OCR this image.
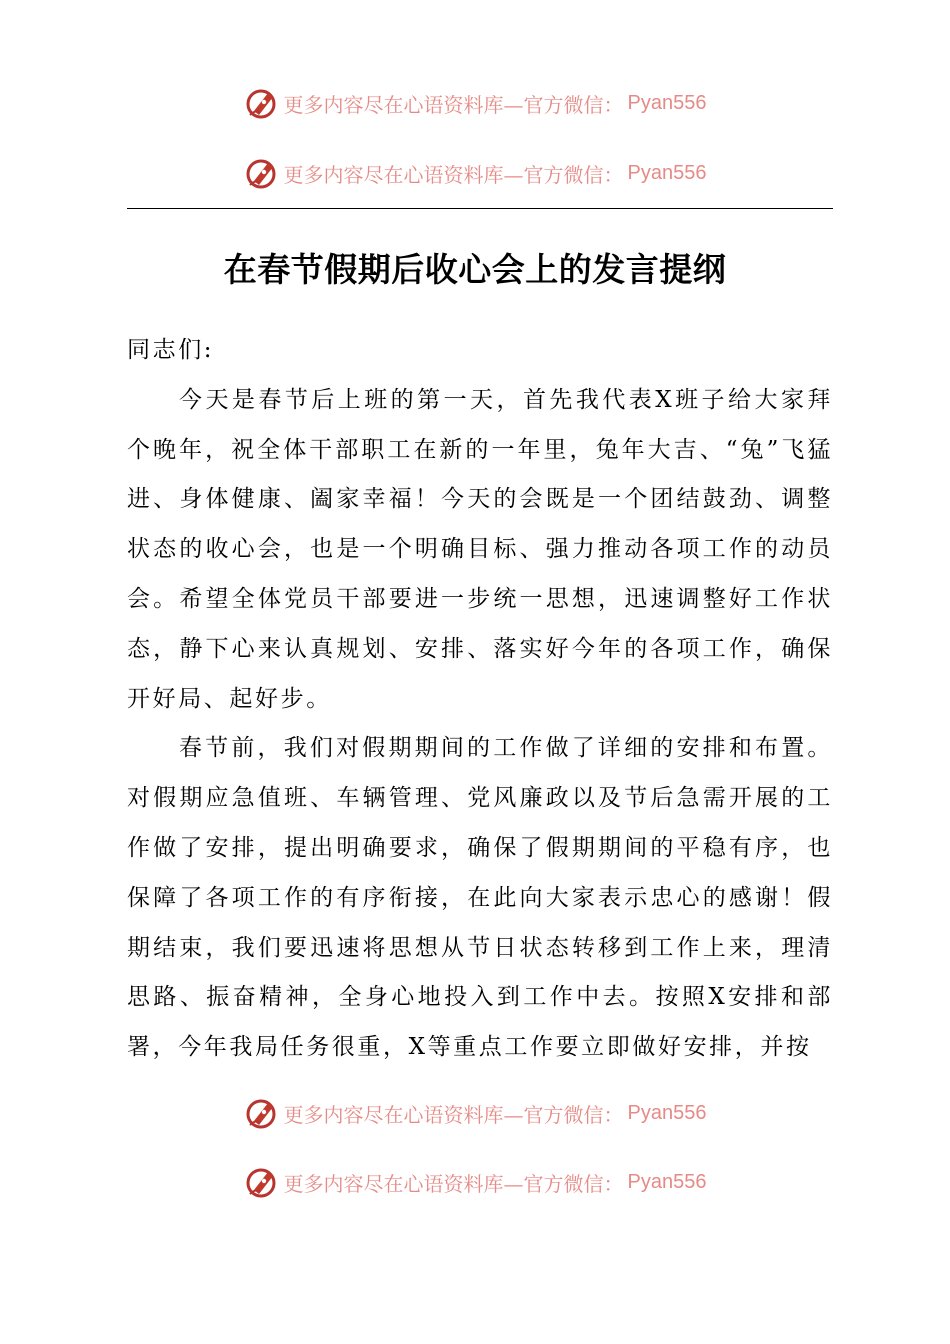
更多内容尽在心语资料库—官方微信： Pyan556
更多内容尽在心语资料库—官方微信： Pyan556
在春节假期后收心会上的发言提纲

同志们:

今天是春节后上班的第一天，首先我代表X班子给大家拜个晚年，祝全体干部职工在新的一年里，兔年大吉、“兔”飞猛进、身体健康、阖家幸福！今天的会既是一个团结鼓劲、调整状态的收心会，也是一个明确目标、强力推动各项工作的动员会。希望全体党员干部要进一步统一思想，迅速调整好工作状态，静下心来认真规划、安排、落实好今年的各项工作，确保开好局、起好步。

春节前，我们对假期期间的工作做了详细的安排和布置。对假期应急值班、车辆管理、党风廉政以及节后急需开展的工作做了安排，提出明确要求，确保了假期期间的平稳有序，也保障了各项工作的有序衔接，在此向大家表示忠心的感谢！假期结束，我们要迅速将思想从节日状态转移到工作上来，理清思路、振奋精神，全身心地投入到工作中去。按照X安排和部署，今年我局任务很重，X等重点工作要立即做好安排，并按

更多内容尽在心语资料库—官方微信： Pyan556
更多内容尽在心语资料库—官方微信： Pyan556
